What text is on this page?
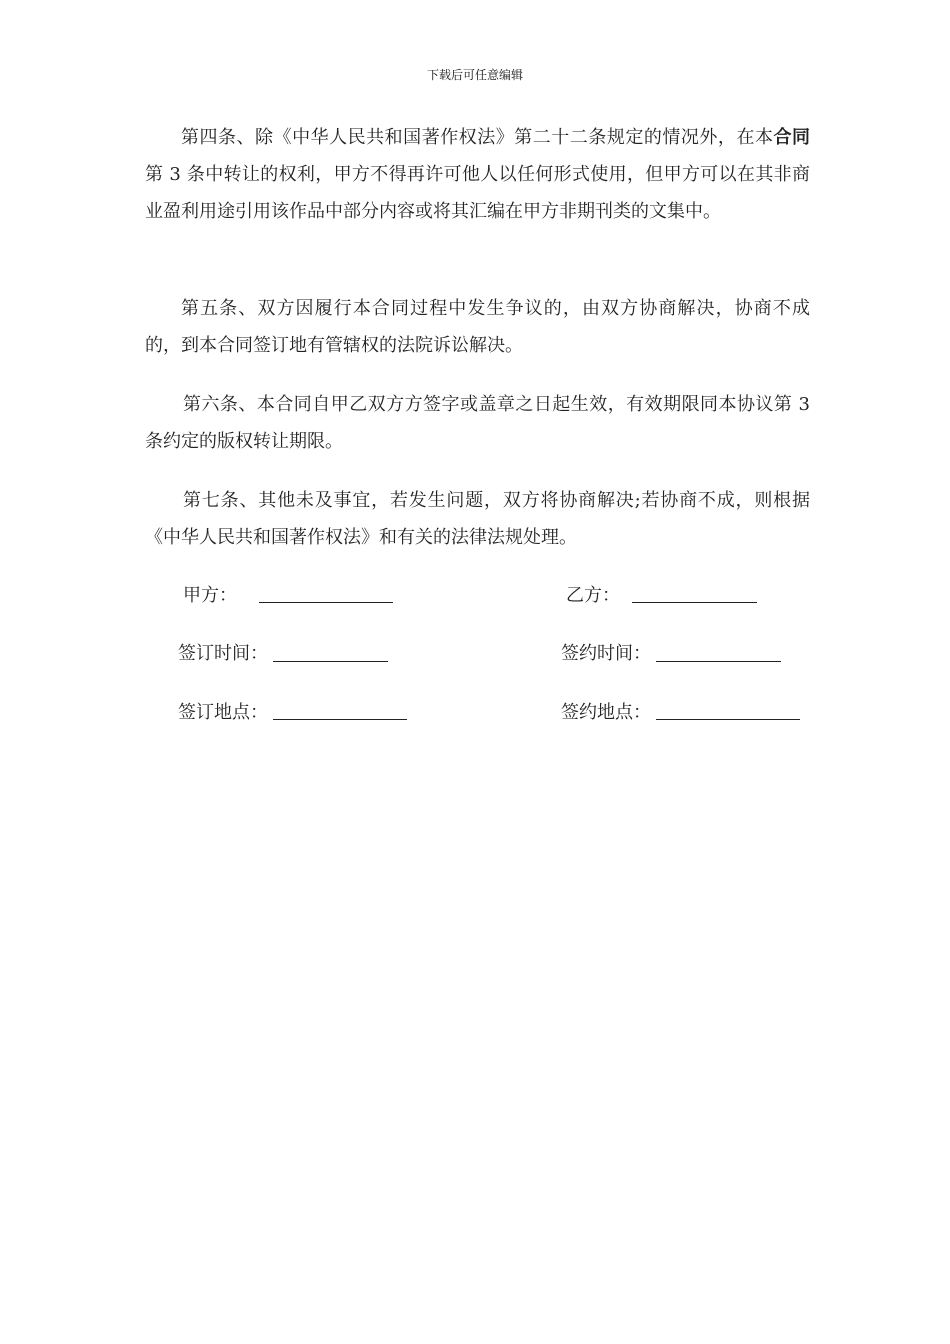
下载后可任意编辑

第四条、除《中华人民共和国著作权法》第二十二条规定的情况外，在本合同第 3 条中转让的权利，甲方不得再许可他人以任何形式使用，但甲方可以在其非商业盈利用途引用该作品中部分内容或将其汇编在甲方非期刊类的文集中。

第五条、双方因履行本合同过程中发生争议的，由双方协商解决，协商不成的，到本合同签订地有管辖权的法院诉讼解决。

第六条、本合同自甲乙双方方签字或盖章之日起生效，有效期限同本协议第 3 条约定的版权转让期限。

第七条、其他未及事宜，若发生问题，双方将协商解决;若协商不成，则根据《中华人民共和国著作权法》和有关的法律法规处理。

甲方：	乙方：
签订时间：	签约时间：
签订地点：	签约地点：
